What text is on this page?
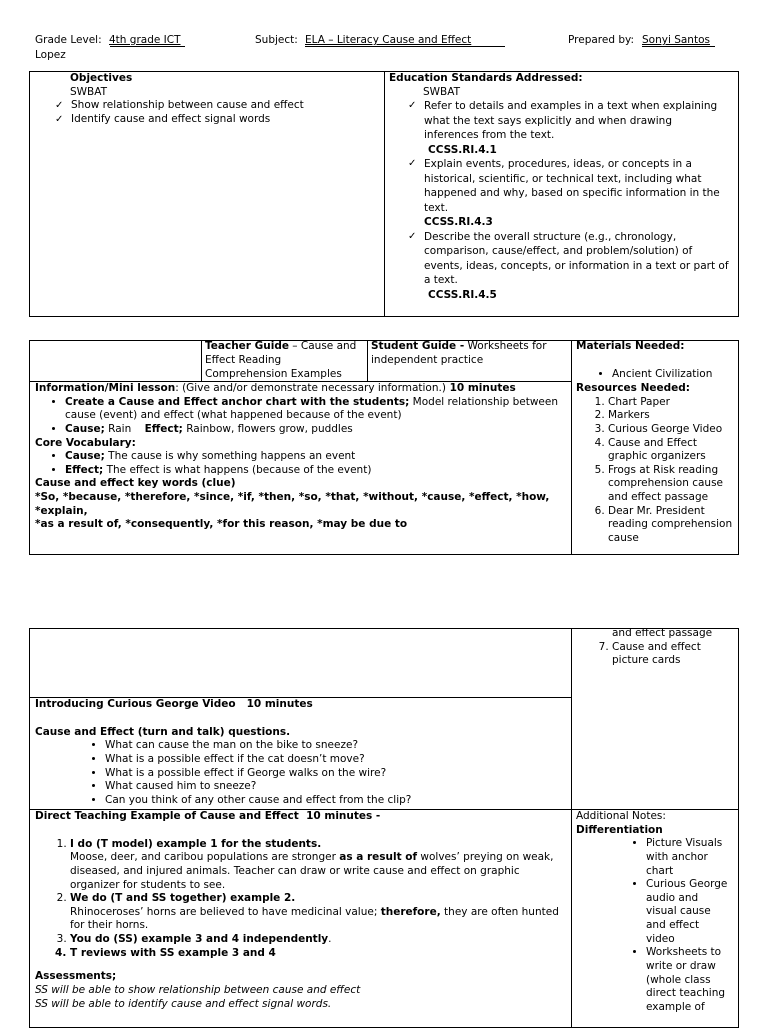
Grade Level: 4th grade ICT	Subject: ELA – Literacy Cause and Effect	Prepared by: Sonyi Santos
Lopez
Objectives
SWBAT
✓ Show relationship between cause and effect
✓ Identify cause and effect signal words
Education Standards Addressed:
SWBAT
✓ Refer to details and examples in a text when explaining what the text says explicitly and when drawing inferences from the text.
CCSS.RI.4.1
✓ Explain events, procedures, ideas, or concepts in a historical, scientific, or technical text, including what happened and why, based on specific information in the text.
CCSS.RI.4.3
✓ Describe the overall structure (e.g., chronology, comparison, cause/effect, and problem/solution) of events, ideas, concepts, or information in a text or part of a text.
CCSS.RI.4.5
Teacher Guide – Cause and Effect Reading Comprehension Examples
Student Guide - Worksheets for independent practice
Materials Needed:
• Ancient Civilization
Information/Mini lesson: (Give and/or demonstrate necessary information.) 10 minutes
• Create a Cause and Effect anchor chart with the students; Model relationship between cause (event) and effect (what happened because of the event)
• Cause; Rain Effect; Rainbow, flowers grow, puddles
Core Vocabulary:
• Cause; The cause is why something happens an event
• Effect; The effect is what happens (because of the event)
Cause and effect key words (clue)
*So, *because, *therefore, *since, *if, *then, *so, *that, *without, *cause, *effect, *how, *explain,
*as a result of, *consequently, *for this reason, *may be due to
Resources Needed:
1. Chart Paper
2. Markers
3. Curious George Video
4. Cause and Effect graphic organizers
5. Frogs at Risk reading comprehension cause and effect passage
6. Dear Mr. President reading comprehension cause
and effect passage
7. Cause and effect picture cards
Introducing Curious George Video 10 minutes
Cause and Effect (turn and talk) questions.
• What can cause the man on the bike to sneeze?
• What is a possible effect if the cat doesn’t move?
• What is a possible effect if George walks on the wire?
• What caused him to sneeze?
• Can you think of any other cause and effect from the clip?
Direct Teaching Example of Cause and Effect 10 minutes -
1. I do (T model) example 1 for the students.
Moose, deer, and caribou populations are stronger as a result of wolves’ preying on weak, diseased, and injured animals. Teacher can draw or write cause and effect on graphic organizer for students to see.
2. We do (T and SS together) example 2.
Rhinoceroses’ horns are believed to have medicinal value; therefore, they are often hunted for their horns.
3. You do (SS) example 3 and 4 independently.
4. T reviews with SS example 3 and 4
Assessments;
SS will be able to show relationship between cause and effect
SS will be able to identify cause and effect signal words.
Additional Notes:
Differentiation
• Picture Visuals with anchor chart
• Curious George audio and visual cause and effect video
• Worksheets to write or draw (whole class direct teaching example of
